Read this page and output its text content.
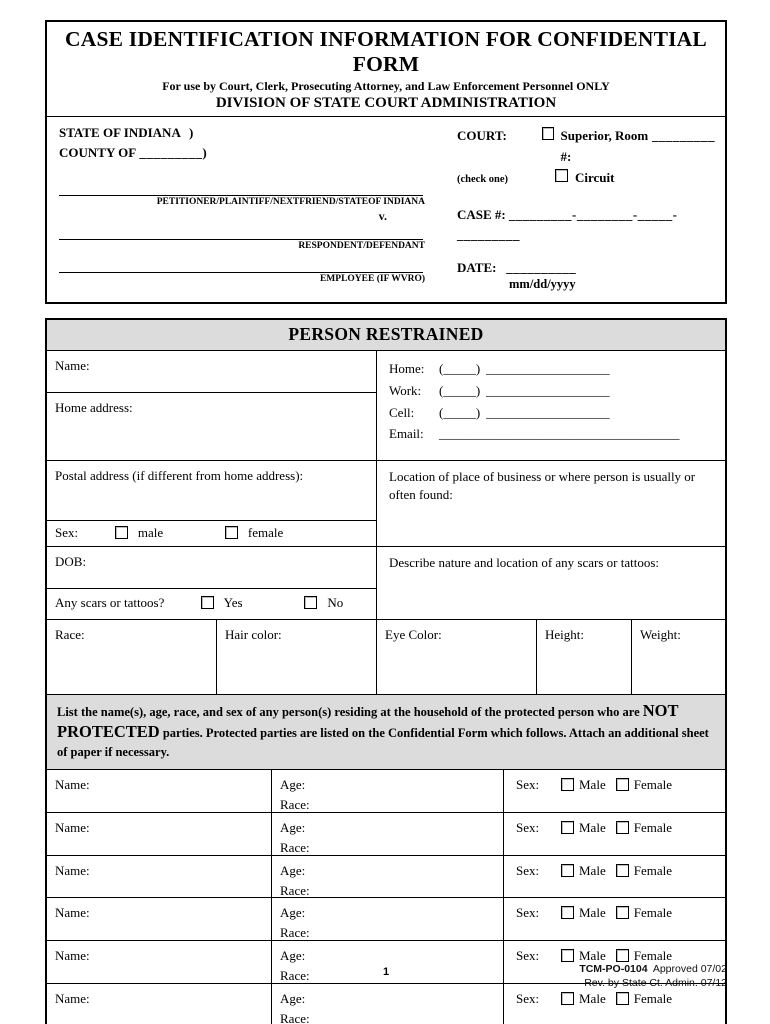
CASE IDENTIFICATION INFORMATION FOR CONFIDENTIAL FORM
For use by Court, Clerk, Prosecuting Attorney, and Law Enforcement Personnel ONLY
DIVISION OF STATE COURT ADMINISTRATION
STATE OF INDIANA )
COUNTY OF
_________ )
PETITIONER/PLAINTIFF/NEXTFRIEND/STATEOF INDIANA
v.
RESPONDENT/DEFENDANT
EMPLOYEE (IF WVRO)
COURT:	Superior, Room #:

_________
(check one)	Circuit
CASE #: _________-________-_____-_________
DATE: __________
mm/dd/yyyy
PERSON RESTRAINED
Name:
Home address:
Home:	(_____) ___________________
Work:	(_____) ___________________
Cell:	(_____) ___________________
Email:	_____________________________________
Postal address (if different from home address):
Sex:	male	female
Location of place of business or where person is usually or often found:
DOB:
Any scars or tattoos?	Yes	No
Describe nature and location of any scars or tattoos:
Race:	Hair color:	Eye Color:	Height:	Weight:
List the name(s), age, race, and sex of any person(s) residing at the household of the protected person who are NOT PROTECTED parties. Protected parties are listed on the Confidential Form which follows. Attach an additional sheet of paper if necessary.
Name:	Age:
Race:
Sex:	Male Female
Name:	Age:
Race:
Sex:	Male Female
Name:	Age:
Race:
Sex:	Male Female
Name:	Age:
Race:
Sex:	Male Female
Name:	Age:
Race:
Sex:	Male Female
Name:	Age:
Race:
Sex:	Male Female
1	TCM-PO-0104 Approved 07/02
Rev. by State Ct. Admin. 07/12
